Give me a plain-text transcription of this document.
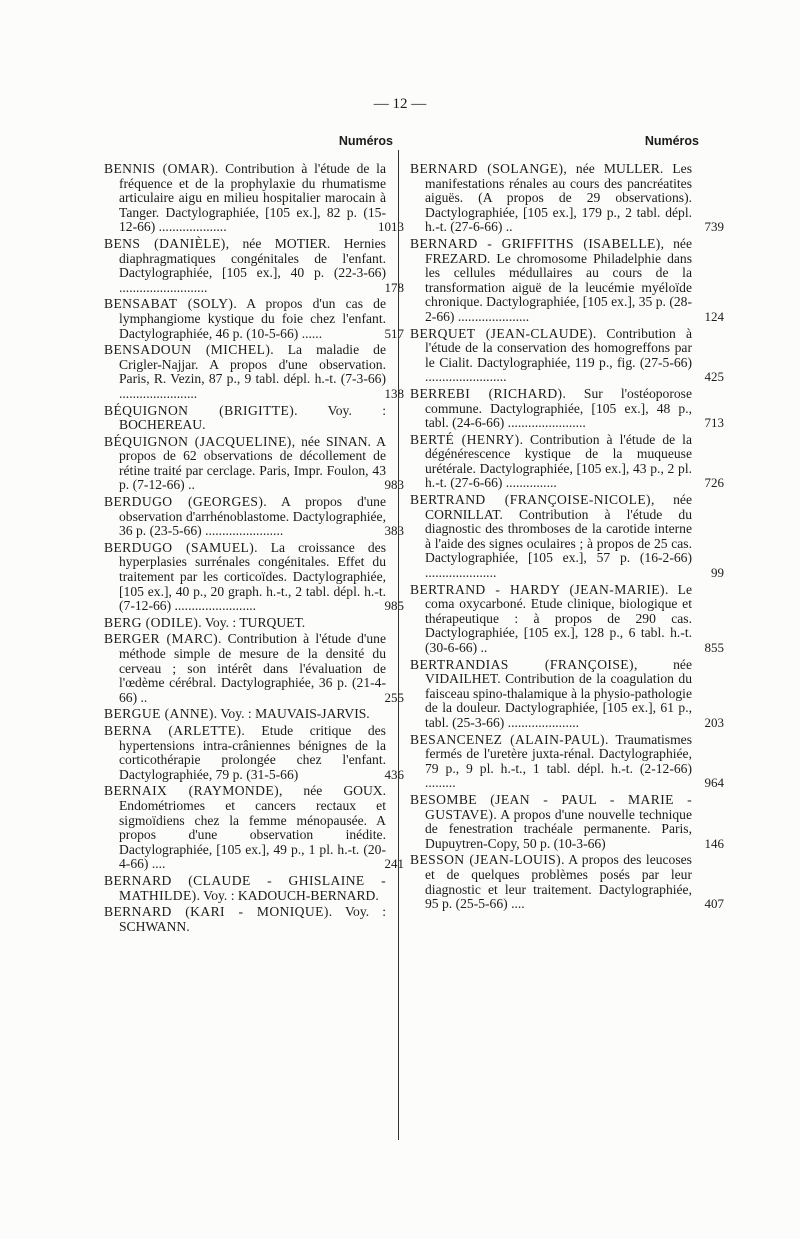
— 12 —
Numéros

BENNIS (OMAR). Contribution à l'étude de la fréquence et de la prophylaxie du rhumatisme articulaire aigu en milieu hospitalier marocain à Tanger. Dactylographiée, [105 ex.], 82 p. (15-12-66) ....................	1013

BENS (DANIÈLE), née MOTIER. Hernies diaphragmatiques congénitales de l'enfant. Dactylographiée, [105 ex.], 40 p. (22-3-66) ..........................	178

BENSABAT (SOLY). A propos d'un cas de lymphangiome kystique du foie chez l'enfant. Dactylographiée, 46 p. (10-5-66) ......	517

BENSADOUN (MICHEL). La maladie de Crigler-Najjar. A propos d'une observation. Paris, R. Vezin, 87 p., 9 tabl. dépl. h.-t. (7-3-66) .......................	138

BÉQUIGNON (BRIGITTE). Voy. : BOCHEREAU.

BÉQUIGNON (JACQUELINE), née SINAN. A propos de 62 observations de décollement de rétine traité par cerclage. Paris, Impr. Foulon, 43 p. (7-12-66) ..	983

BERDUGO (GEORGES). A propos d'une observation d'arrhénoblastome. Dactylographiée, 36 p. (23-5-66) .......................	383

BERDUGO (SAMUEL). La croissance des hyperplasies surrénales congénitales. Effet du traitement par les corticoïdes. Dactylographiée, [105 ex.], 40 p., 20 graph. h.-t., 2 tabl. dépl. h.-t. (7-12-66) ........................	985

BERG (ODILE). Voy. : TURQUET.

BERGER (MARC). Contribution à l'étude d'une méthode simple de mesure de la densité du cerveau ; son intérêt dans l'évaluation de l'œdème cérébral. Dactylographiée, 36 p. (21-4-66) ..	255

BERGUE (ANNE). Voy. : MAUVAIS-JARVIS.

BERNA (ARLETTE). Etude critique des hypertensions intra-crâniennes bénignes de la corticothérapie prolongée chez l'enfant. Dactylographiée, 79 p. (31-5-66)	436

BERNAIX (RAYMONDE), née GOUX. Endométriomes et cancers rectaux et sigmoïdiens chez la femme ménopausée. A propos d'une observation inédite. Dactylographiée, [105 ex.], 49 p., 1 pl. h.-t. (20-4-66) ....	241

BERNARD (CLAUDE - GHISLAINE - MATHILDE). Voy. : KADOUCH-BERNARD.

BERNARD (KARI - MONIQUE). Voy. : SCHWANN.

Numéros

BERNARD (SOLANGE), née MULLER. Les manifestations rénales au cours des pancréatites aiguës. (A propos de 29 observations). Dactylographiée, [105 ex.], 179 p., 2 tabl. dépl. h.-t. (27-6-66) ..	739

BERNARD - GRIFFITHS (ISABELLE), née FREZARD. Le chromosome Philadelphie dans les cellules médullaires au cours de la transformation aiguë de la leucémie myéloïde chronique. Dactylographiée, [105 ex.], 35 p. (28-2-66) .....................	124

BERQUET (JEAN-CLAUDE). Contribution à l'étude de la conservation des homogreffons par le Cialit. Dactylographiée, 119 p., fig. (27-5-66) ........................	425

BERREBI (RICHARD). Sur l'ostéoporose commune. Dactylographiée, [105 ex.], 48 p., tabl. (24-6-66) .......................	713

BERTÉ (HENRY). Contribution à l'étude de la dégénérescence kystique de la muqueuse urétérale. Dactylographiée, [105 ex.], 43 p., 2 pl. h.-t. (27-6-66) ...............	726

BERTRAND (FRANÇOISE-NICOLE), née CORNILLAT. Contribution à l'étude du diagnostic des thromboses de la carotide interne à l'aide des signes oculaires ; à propos de 25 cas. Dactylographiée, [105 ex.], 57 p. (16-2-66) .....................	99

BERTRAND - HARDY (JEAN-MARIE). Le coma oxycarboné. Etude clinique, biologique et thérapeutique : à propos de 290 cas. Dactylographiée, [105 ex.], 128 p., 6 tabl. h.-t. (30-6-66) ..	855

BERTRANDIAS (FRANÇOISE), née VIDAILHET. Contribution de la coagulation du faisceau spino-thalamique à la physio-pathologie de la douleur. Dactylographiée, [105 ex.], 61 p., tabl. (25-3-66) .....................	203

BESANCENEZ (ALAIN-PAUL). Traumatismes fermés de l'uretère juxta-rénal. Dactylographiée, 79 p., 9 pl. h.-t., 1 tabl. dépl. h.-t. (2-12-66) .........	964

BESOMBE (JEAN - PAUL - MARIE - GUSTAVE). A propos d'une nouvelle technique de fenestration trachéale permanente. Paris, Dupuytren-Copy, 50 p. (10-3-66)	146

BESSON (JEAN-LOUIS). A propos des leucoses et de quelques problèmes posés par leur diagnostic et leur traitement. Dactylographiée, 95 p. (25-5-66) ....	407
